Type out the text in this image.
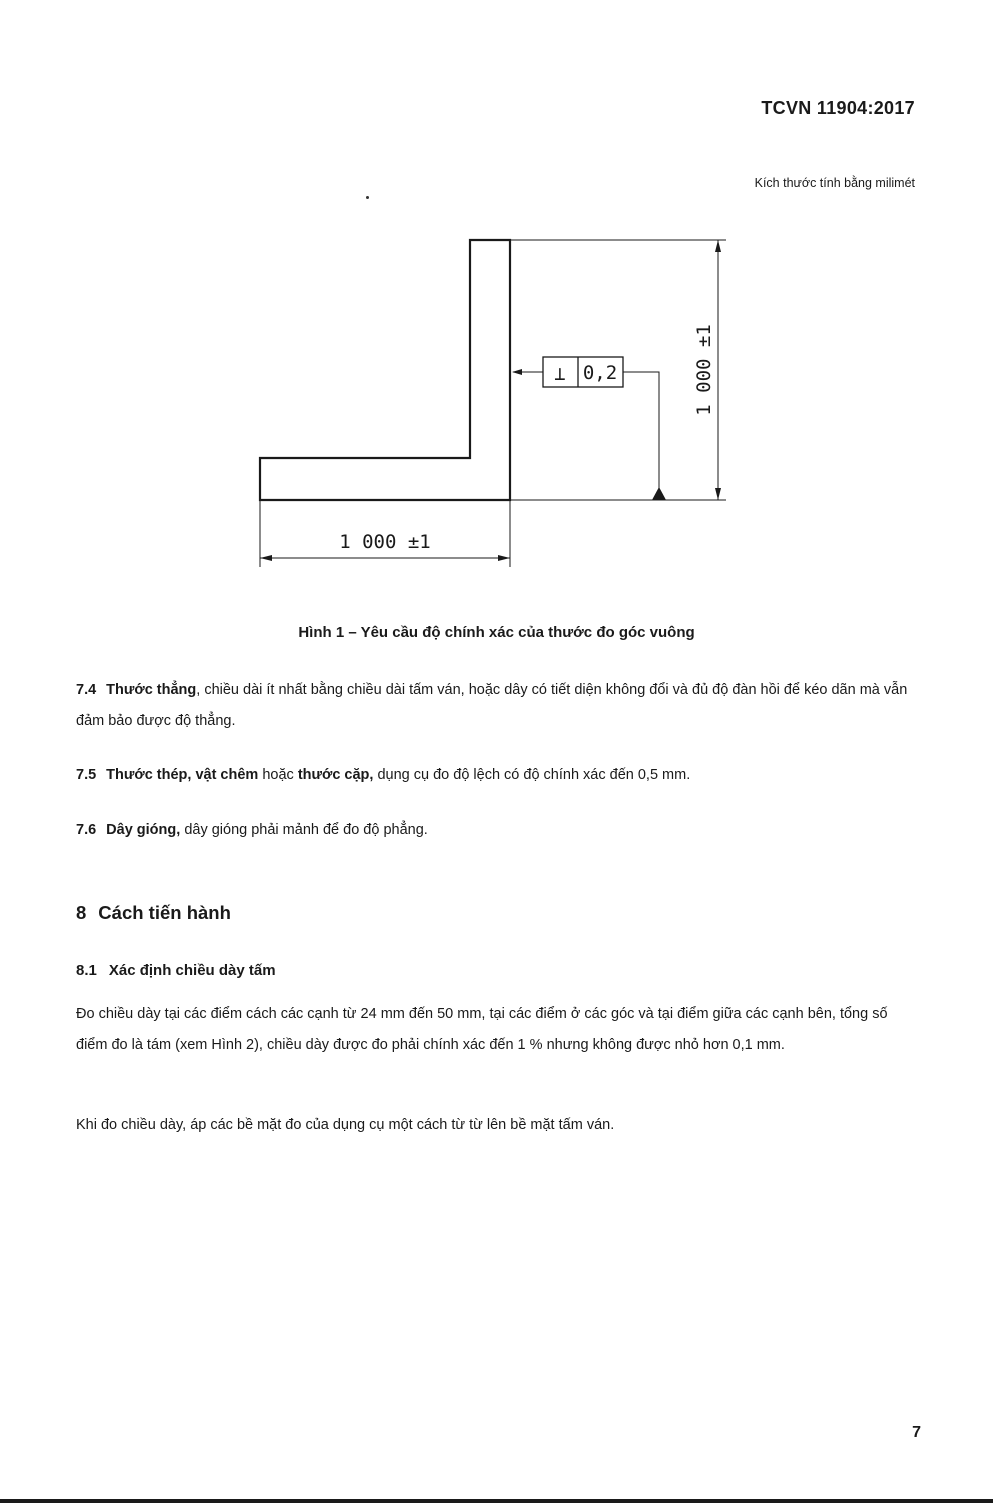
TCVN 11904:2017
Kích thước tính bằng milimét
1 000 ±1
1 000 ±1
⊥ 0,2
Hình 1 – Yêu cầu độ chính xác của thước đo góc vuông

7.4 Thước thẳng, chiều dài ít nhất bằng chiều dài tấm ván, hoặc dây có tiết diện không đổi và đủ độ đàn hồi để kéo dãn mà vẫn đảm bảo được độ thẳng.

7.5 Thước thép, vật chêm hoặc thước cặp, dụng cụ đo độ lệch có độ chính xác đến 0,5 mm.

7.6 Dây gióng, dây gióng phải mảnh để đo độ phẳng.

8 Cách tiến hành
8.1 Xác định chiều dày tấm

Đo chiều dày tại các điểm cách các cạnh từ 24 mm đến 50 mm, tại các điểm ở các góc và tại điểm giữa các cạnh bên, tổng số điểm đo là tám (xem Hình 2), chiều dày được đo phải chính xác đến 1 % nhưng không được nhỏ hơn 0,1 mm.

Khi đo chiều dày, áp các bề mặt đo của dụng cụ một cách từ từ lên bề mặt tấm ván.

7
